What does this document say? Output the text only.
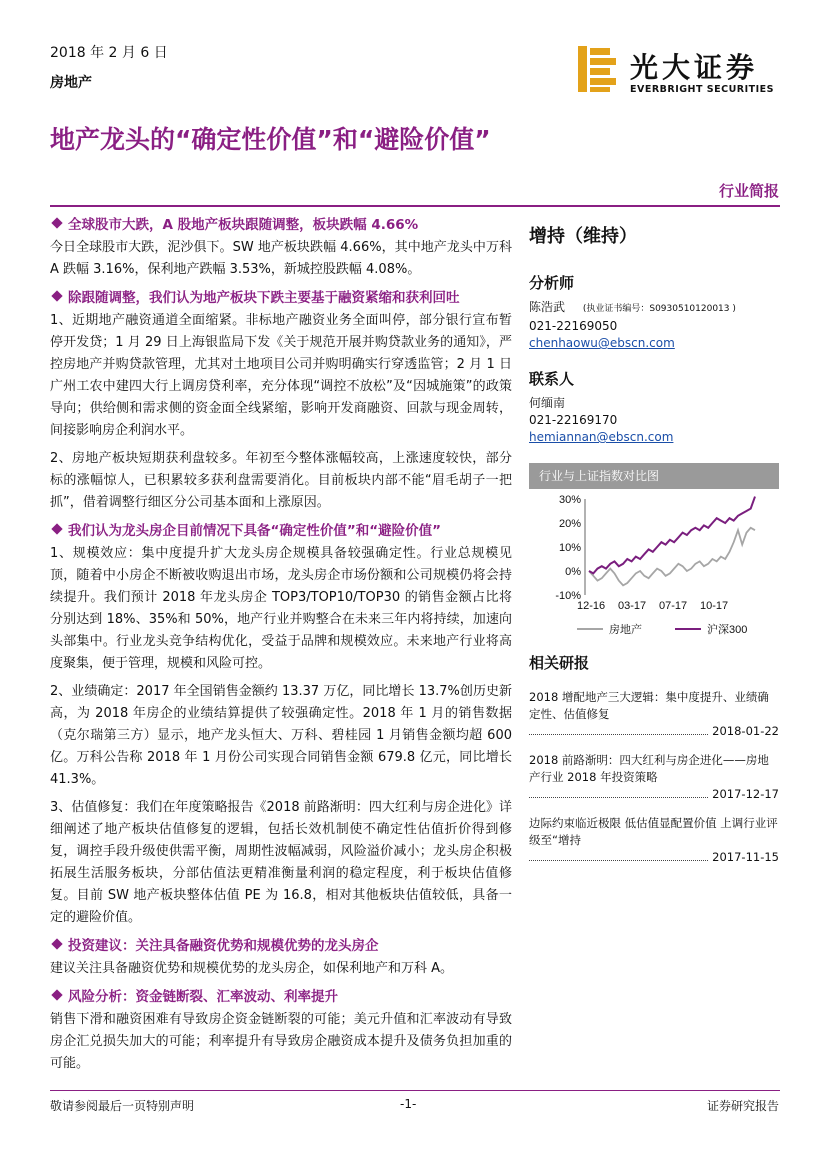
2018 年 2 月 6 日
房地产	光大证券
EVERBRIGHT SECURITIES
地产龙头的“确定性价值”和“避险价值”
行业简报

全球股市大跌，A 股地产板块跟随调整，板块跌幅 4.66%

今日全球股市大跌，泥沙俱下。SW 地产板块跌幅 4.66%，其中地产龙头中万科 A 跌幅 3.16%，保利地产跌幅 3.53%，新城控股跌幅 4.08%。

除跟随调整，我们认为地产板块下跌主要基于融资紧缩和获利回吐

1、近期地产融资通道全面缩紧。非标地产融资业务全面叫停，部分银行宣布暂停开发贷；1 月 29 日上海银监局下发《关于规范开展并购贷款业务的通知》，严控房地产并购贷款管理，尤其对土地项目公司并购明确实行穿透监管；2 月 1 日广州工农中建四大行上调房贷利率，充分体现“调控不放松”及“因城施策”的政策导向；供给侧和需求侧的资金面全线紧缩，影响开发商融资、回款与现金周转，间接影响房企利润水平。

2、房地产板块短期获利盘较多。年初至今整体涨幅较高，上涨速度较快，部分标的涨幅惊人，已积累较多获利盘需要消化。目前板块内部不能“眉毛胡子一把抓”，借着调整行细区分公司基本面和上涨原因。

我们认为龙头房企目前情况下具备“确定性价值”和“避险价值”

1、规模效应：集中度提升扩大龙头房企规模具备较强确定性。行业总规模见顶，随着中小房企不断被收购退出市场，龙头房企市场份额和公司规模仍将会持续提升。我们预计 2018 年龙头房企 TOP3/TOP10/TOP30 的销售金额占比将分别达到 18%、35%和 50%，地产行业并购整合在未来三年内将持续，加速向头部集中。行业龙头竞争结构优化，受益于品牌和规模效应。未来地产行业将高度聚集，便于管理，规模和风险可控。

2、业绩确定：2017 年全国销售金额约 13.37 万亿，同比增长 13.7%创历史新高，为 2018 年房企的业绩结算提供了较强确定性。2018 年 1 月的销售数据（克尔瑞第三方）显示，地产龙头恒大、万科、碧桂园 1 月销售金额均超 600 亿。万科公告称 2018 年 1 月份公司实现合同销售金额 679.8 亿元，同比增长 41.3%。

3、估值修复：我们在年度策略报告《2018 前路渐明：四大红利与房企进化》详细阐述了地产板块估值修复的逻辑，包括长效机制使不确定性估值折价得到修复，调控手段升级使供需平衡，周期性波幅减弱，风险溢价减小；龙头房企积极拓展生活服务板块，分部估值法更精准衡量利润的稳定程度，利于板块估值修复。目前 SW 地产板块整体估值 PE 为 16.8，相对其他板块估值较低，具备一定的避险价值。

投资建议：关注具备融资优势和规模优势的龙头房企

建议关注具备融资优势和规模优势的龙头房企，如保利地产和万科 A。

风险分析：资金链断裂、汇率波动、利率提升

销售下滑和融资困难有导致房企资金链断裂的可能；美元升值和汇率波动有导致房企汇兑损失加大的可能；利率提升有导致房企融资成本提升及债务负担加重的可能。

增持（维持）

分析师

陈浩武 (执业证书编号：S0930510120013 )

021-22169050

chenhaowu@ebscn.com

联系人

何缅南

021-22169170

hemiannan@ebscn.com

行业与上证指数对比图
30%
20%
10%
0%
-10%
12-16 03-17 07-17 10-17
房地产	沪深300

相关研报

2018 增配地产三大逻辑：集中度提升、业绩确定性、估值修复

2018-01-22

2018 前路渐明：四大红利与房企进化——房地产行业 2018 年投资策略

2017-12-17

边际约束临近极限 低估值显配置价值 上调行业评级至“增持

2017-11-15
敬请参阅最后一页特别声明	-1-	证券研究报告
